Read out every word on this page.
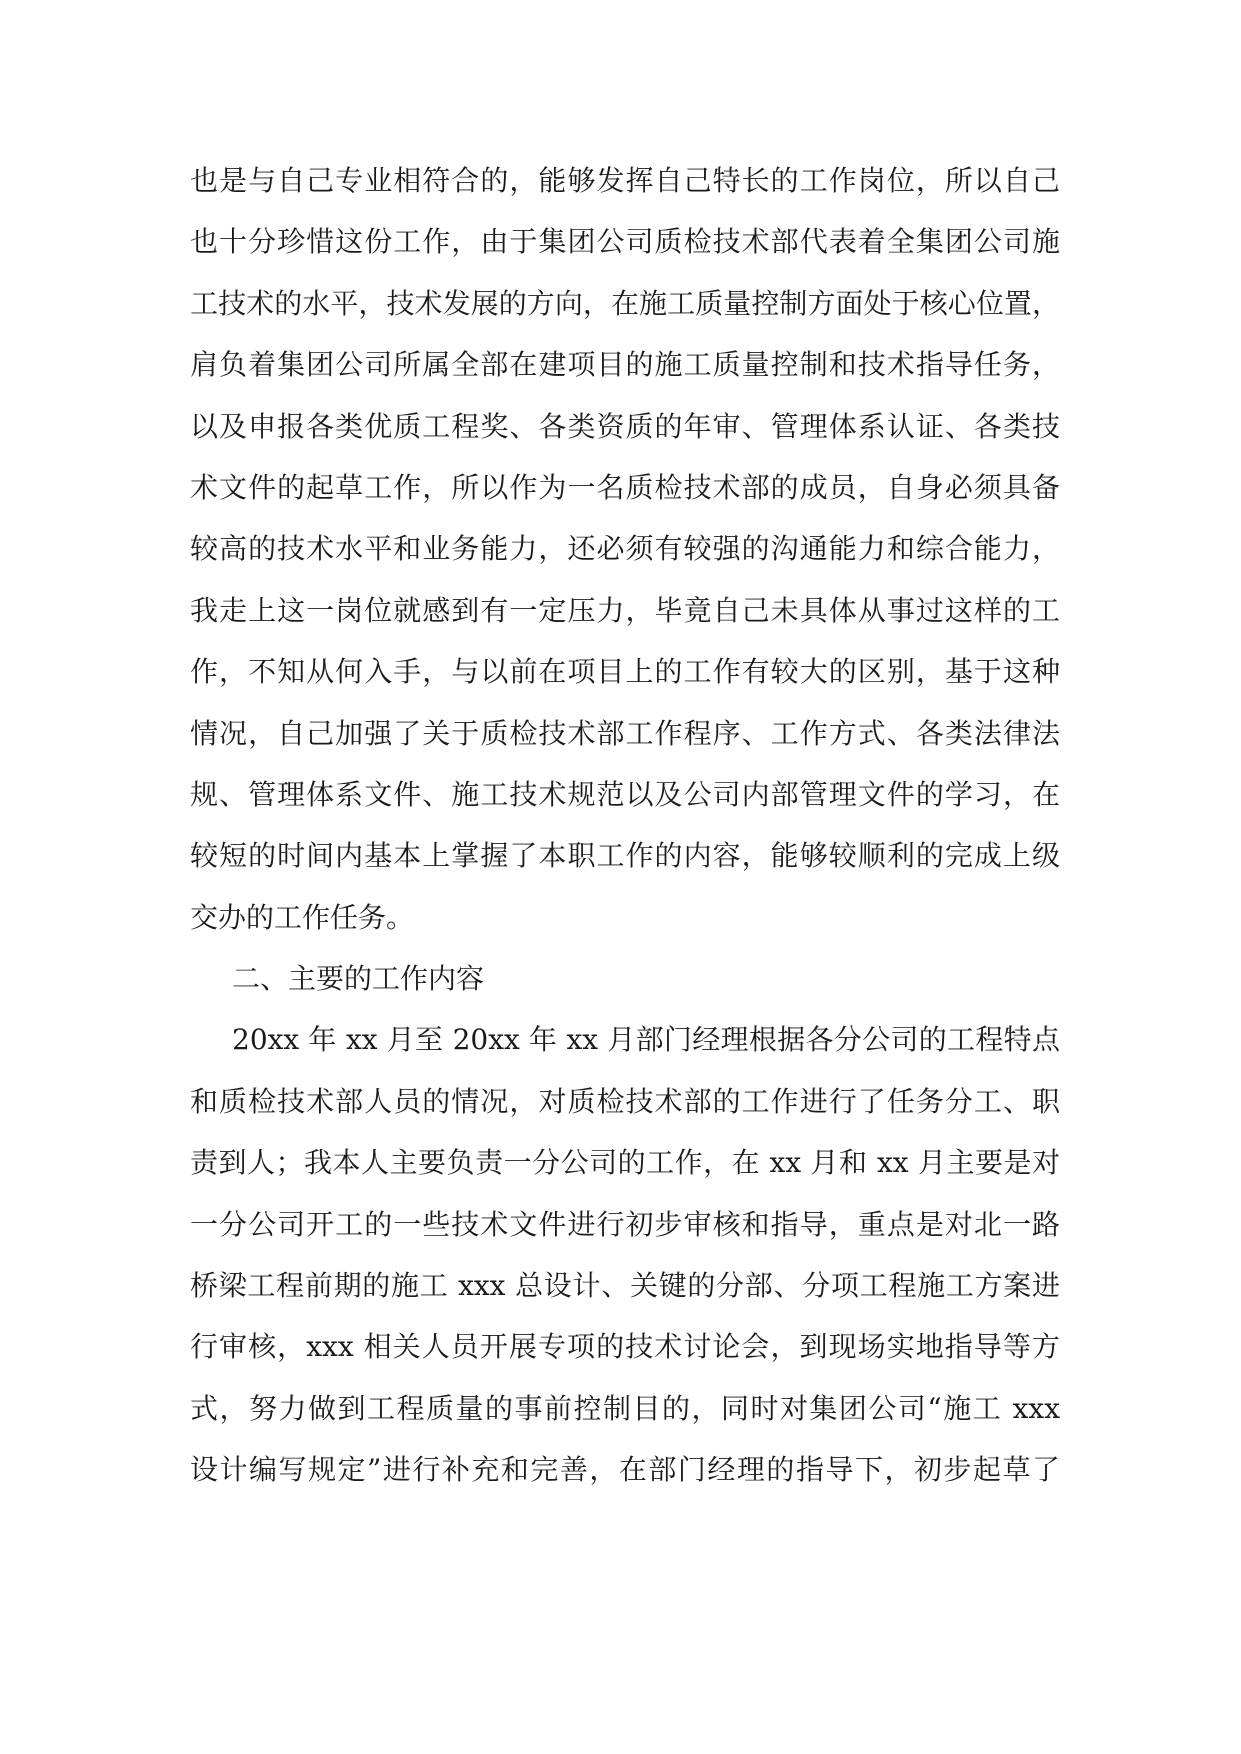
也是与自己专业相符合的，能够发挥自己特长的工作岗位，所以自己
也十分珍惜这份工作，由于集团公司质检技术部代表着全集团公司施
工技术的水平，技术发展的方向，在施工质量控制方面处于核心位置，
肩负着集团公司所属全部在建项目的施工质量控制和技术指导任务，
以及申报各类优质工程奖、各类资质的年审、管理体系认证、各类技
术文件的起草工作，所以作为一名质检技术部的成员，自身必须具备
较高的技术水平和业务能力，还必须有较强的沟通能力和综合能力，
我走上这一岗位就感到有一定压力，毕竟自己未具体从事过这样的工
作，不知从何入手，与以前在项目上的工作有较大的区别，基于这种
情况，自己加强了关于质检技术部工作程序、工作方式、各类法律法
规、管理体系文件、施工技术规范以及公司内部管理文件的学习，在
较短的时间内基本上掌握了本职工作的内容，能够较顺利的完成上级
交办的工作任务。
二、主要的工作内容
20xx 年 xx 月至 20xx 年 xx 月部门经理根据各分公司的工程特点
和质检技术部人员的情况，对质检技术部的工作进行了任务分工、职
责到人；我本人主要负责一分公司的工作，在 xx 月和 xx 月主要是对
一分公司开工的一些技术文件进行初步审核和指导，重点是对北一路
桥梁工程前期的施工 xxx 总设计、关键的分部、分项工程施工方案进
行审核，xxx 相关人员开展专项的技术讨论会，到现场实地指导等方
式，努力做到工程质量的事前控制目的，同时对集团公司“施工 xxx
设计编写规定”进行补充和完善，在部门经理的指导下，初步起草了
